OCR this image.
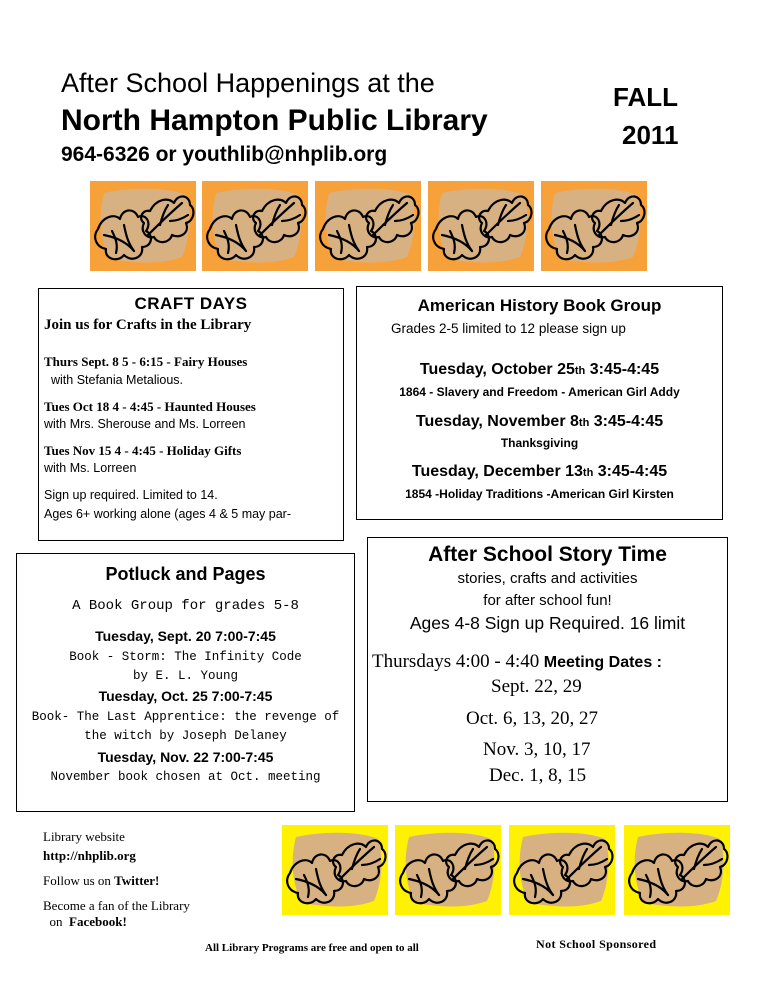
After School Happenings at the
North Hampton Public Library
964-6326 or youthlib@nhplib.org
FALL
2011
CRAFT DAYS
Join us for Crafts in the Library
Thurs Sept. 8 5 - 6:15 - Fairy Houses
with Stefania Metalious.
Tues Oct 18 4 - 4:45 - Haunted Houses
with Mrs. Sherouse and Ms. Lorreen
Tues Nov 15 4 - 4:45 - Holiday Gifts
with Ms. Lorreen
Sign up required. Limited to 14.
Ages 6+ working alone (ages 4 & 5 may par-
American History Book Group
Grades 2-5 limited to 12 please sign up
Tuesday, October 25th 3:45-4:45
1864 - Slavery and Freedom - American Girl Addy
Tuesday, November 8th 3:45-4:45
Thanksgiving
Tuesday, December 13th 3:45-4:45
1854 -Holiday Traditions -American Girl Kirsten
Potluck and Pages
A Book Group for grades 5-8
Tuesday, Sept. 20 7:00-7:45
Book - Storm: The Infinity Code
by E. L. Young
Tuesday, Oct. 25 7:00-7:45
Book- The Last Apprentice: the revenge of
the witch by Joseph Delaney
Tuesday, Nov. 22 7:00-7:45
November book chosen at Oct. meeting
After School Story Time
stories, crafts and activities
for after school fun!
Ages 4-8 Sign up Required. 16 limit
Thursdays 4:00 - 4:40 Meeting Dates :
Sept. 22, 29
Oct. 6, 13, 20, 27
Nov. 3, 10, 17
Dec. 1, 8, 15
Library website
http://nhplib.org
Follow us on Twitter!
Become a fan of the Library
on  Facebook!
All Library Programs are free and open to all	Not School Sponsored
